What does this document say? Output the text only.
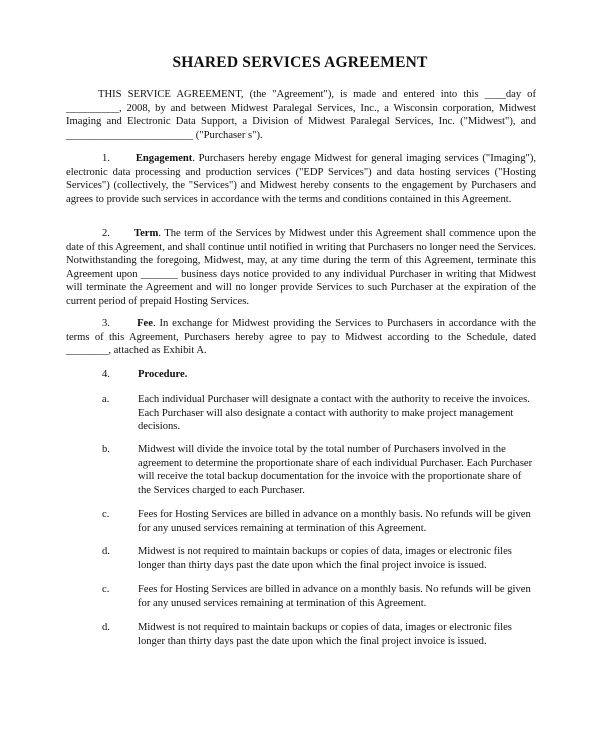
SHARED SERVICES AGREEMENT
THIS SERVICE AGREEMENT, (the "Agreement"), is made and entered into this ____day of __________, 2008, by and between Midwest Paralegal Services, Inc., a Wisconsin corporation, Midwest Imaging and Electronic Data Support, a Division of Midwest Paralegal Services, Inc. ("Midwest"), and ________________________ ("Purchaser s").
1. Engagement. Purchasers hereby engage Midwest for general imaging services ("Imaging"), electronic data processing and production services ("EDP Services") and data hosting services ("Hosting Services") (collectively, the "Services") and Midwest hereby consents to the engagement by Purchasers and agrees to provide such services in accordance with the terms and conditions contained in this Agreement.
2. Term. The term of the Services by Midwest under this Agreement shall commence upon the date of this Agreement, and shall continue until notified in writing that Purchasers no longer need the Services. Notwithstanding the foregoing, Midwest, may, at any time during the term of this Agreement, terminate this Agreement upon _______ business days notice provided to any individual Purchaser in writing that Midwest will terminate the Agreement and will no longer provide Services to such Purchaser at the expiration of the current period of prepaid Hosting Services.
3.	Fee. In exchange for Midwest providing the Services to Purchasers in accordance with the terms of this Agreement, Purchasers hereby agree to pay to Midwest according to the Schedule, dated ________, attached as Exhibit A.
4.	Procedure.
a.	Each individual Purchaser will designate a contact with the authority to receive the invoices. Each Purchaser will also designate a contact with authority to make project management decisions.
b.	Midwest will divide the invoice total by the total number of Purchasers involved in the agreement to determine the proportionate share of each individual Purchaser. Each Purchaser will receive the total backup documentation for the invoice with the proportionate share of the Services charged to each Purchaser.
c.	Fees for Hosting Services are billed in advance on a monthly basis. No refunds will be given for any unused services remaining at termination of this Agreement.
d.	Midwest is not required to maintain backups or copies of data, images or electronic files longer than thirty days past the date upon which the final project invoice is issued.
c.	Fees for Hosting Services are billed in advance on a monthly basis. No refunds will be given for any unused services remaining at termination of this Agreement.
d.	Midwest is not required to maintain backups or copies of data, images or electronic files longer than thirty days past the date upon which the final project invoice is issued.
